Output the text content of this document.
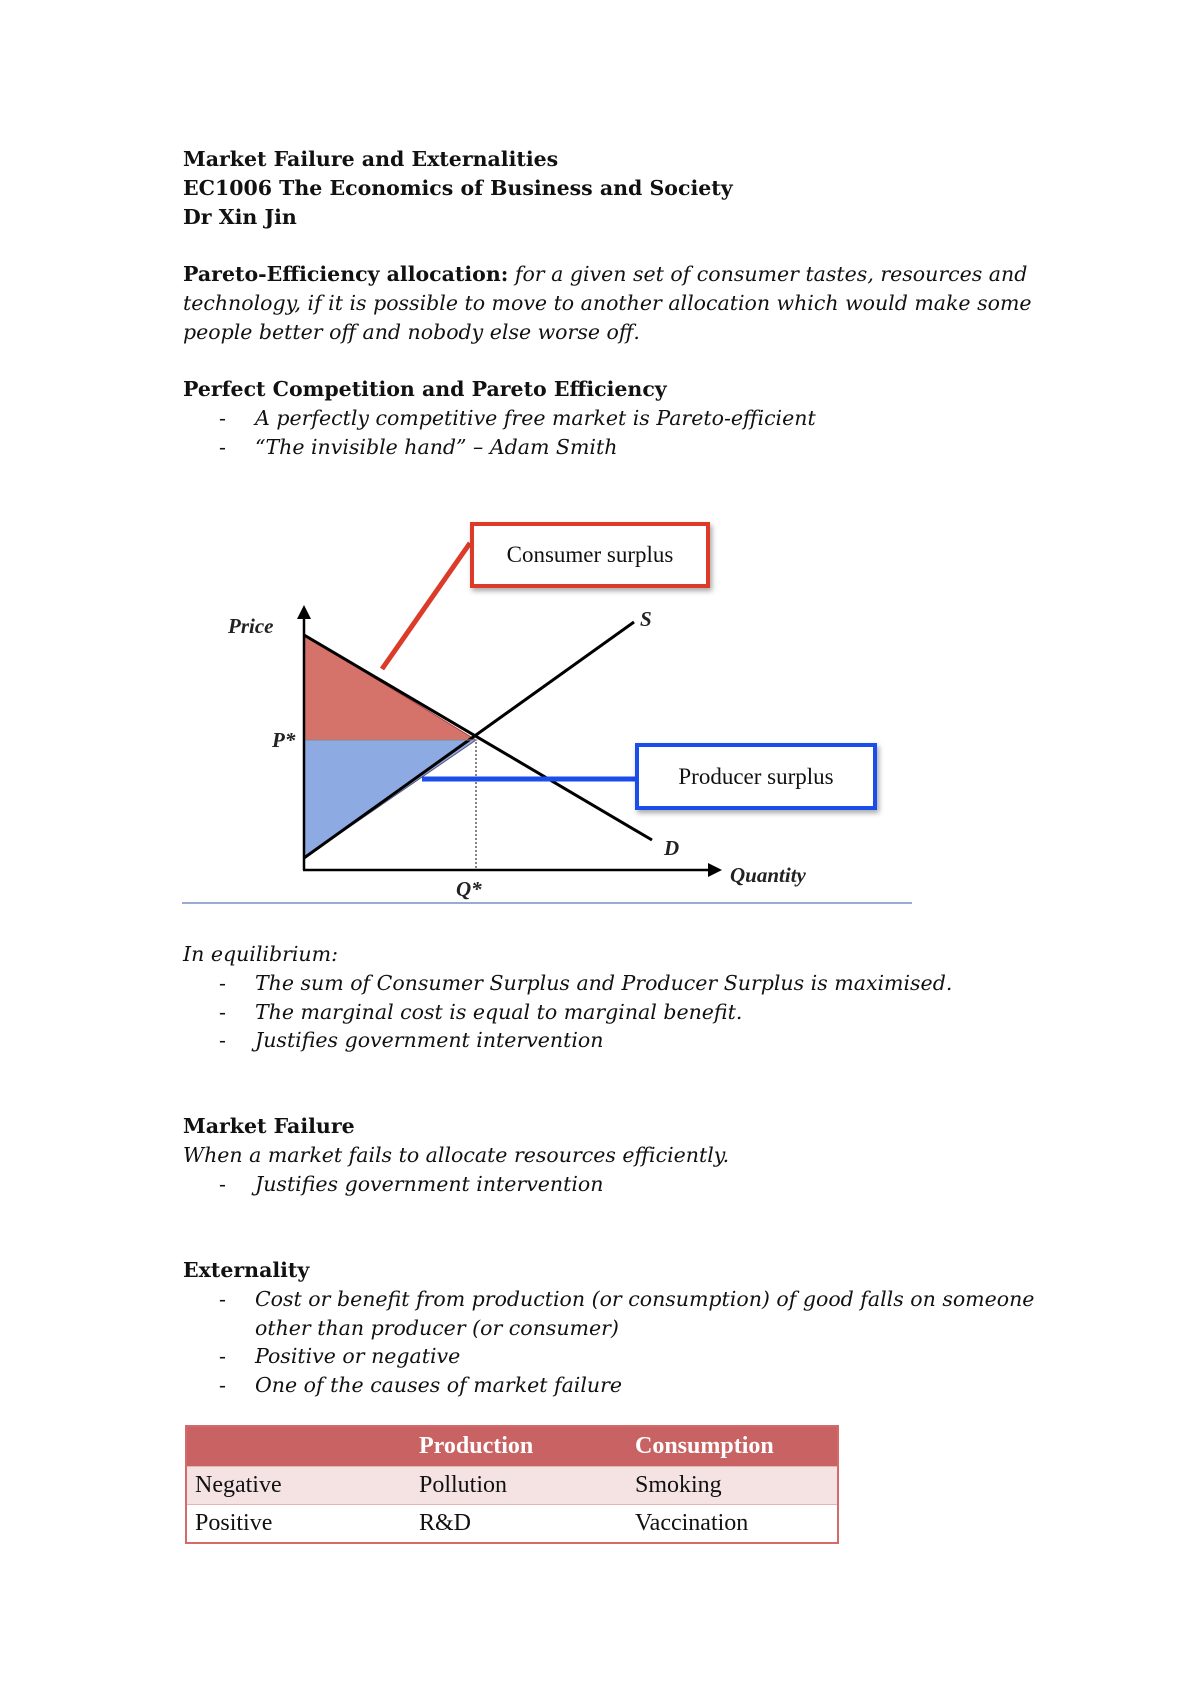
Market Failure and Externalities
EC1006 The Economics of Business and Society
Dr Xin Jin
Pareto-Efficiency allocation: for a given set of consumer tastes, resources and technology, if it is possible to move to another allocation which would make some people better off and nobody else worse off.
Perfect Competition and Pareto Efficiency
- A perfectly competitive free market is Pareto-efficient
- “The invisible hand” – Adam Smith
Consumer surplus
Producer surplus
Price
Quantity
S
D
P*
Q*
In equilibrium:
- The sum of Consumer Surplus and Producer Surplus is maximised.
- The marginal cost is equal to marginal benefit.
- Justifies government intervention
Market Failure
When a market fails to allocate resources efficiently.
- Justifies government intervention
Externality
- Cost or benefit from production (or consumption) of good falls on someone other than producer (or consumer)
- Positive or negative
- One of the causes of market failure
	Production	Consumption
Negative	Pollution	Smoking
Positive	R&D	Vaccination
